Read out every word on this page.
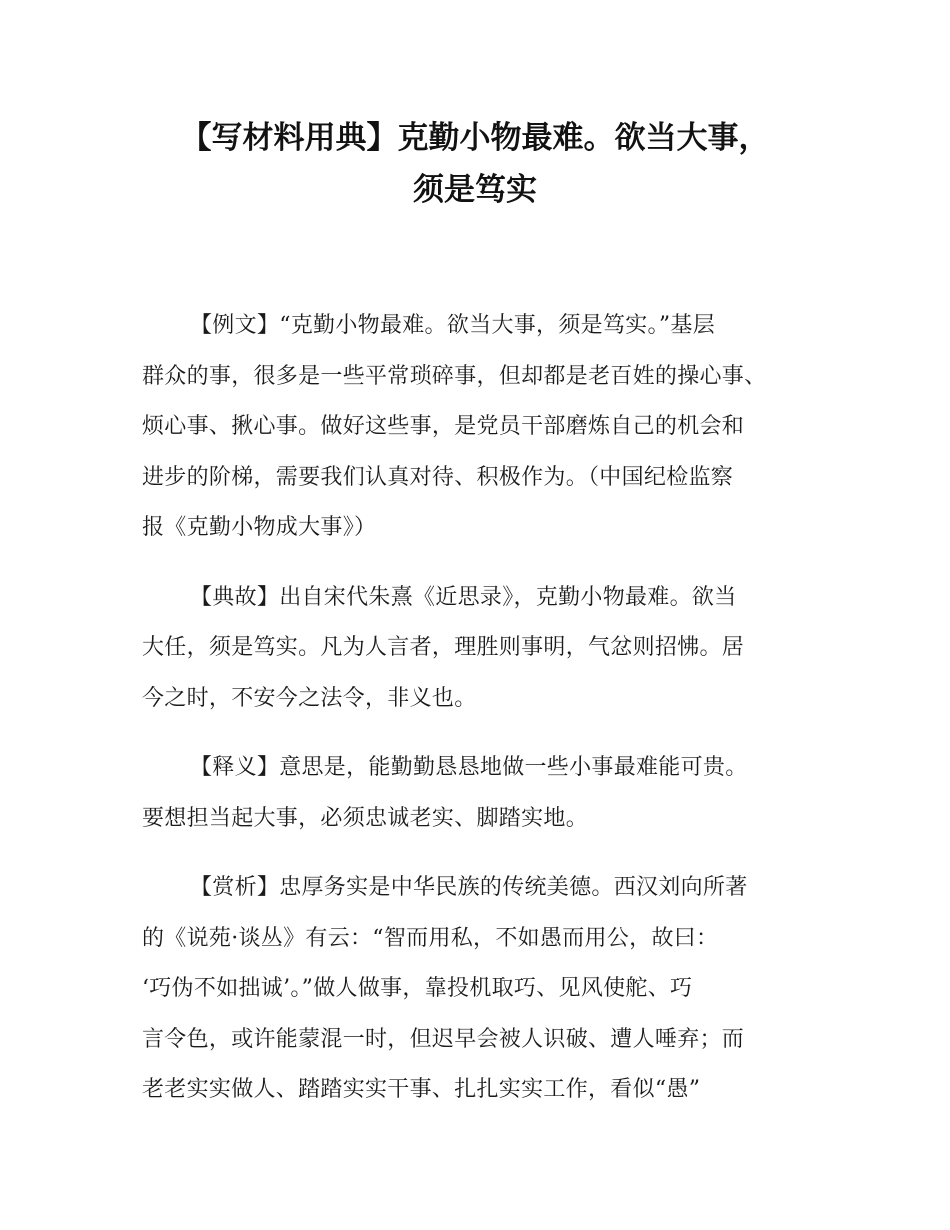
【写材料用典】克勤小物最难。欲当大事，
须是笃实

【例文】“克勤小物最难。欲当大事，须是笃实。”基层
群众的事，很多是一些平常琐碎事，但却都是老百姓的操心事、
烦心事、揪心事。做好这些事，是党员干部磨炼自己的机会和
进步的阶梯，需要我们认真对待、积极作为。（中国纪检监察
报《克勤小物成大事》）

【典故】出自宋代朱熹《近思录》，克勤小物最难。欲当
大任，须是笃实。凡为人言者，理胜则事明，气忿则招怫。居
今之时，不安今之法令，非义也。

【释义】意思是，能勤勤恳恳地做一些小事最难能可贵。
要想担当起大事，必须忠诚老实、脚踏实地。

【赏析】忠厚务实是中华民族的传统美德。西汉刘向所著
的《说苑·谈丛》有云：“智而用私，不如愚而用公，故曰：
‘巧伪不如拙诚’。”做人做事，靠投机取巧、见风使舵、巧
言令色，或许能蒙混一时，但迟早会被人识破、遭人唾弃；而
老老实实做人、踏踏实实干事、扎扎实实工作，看似“愚”
